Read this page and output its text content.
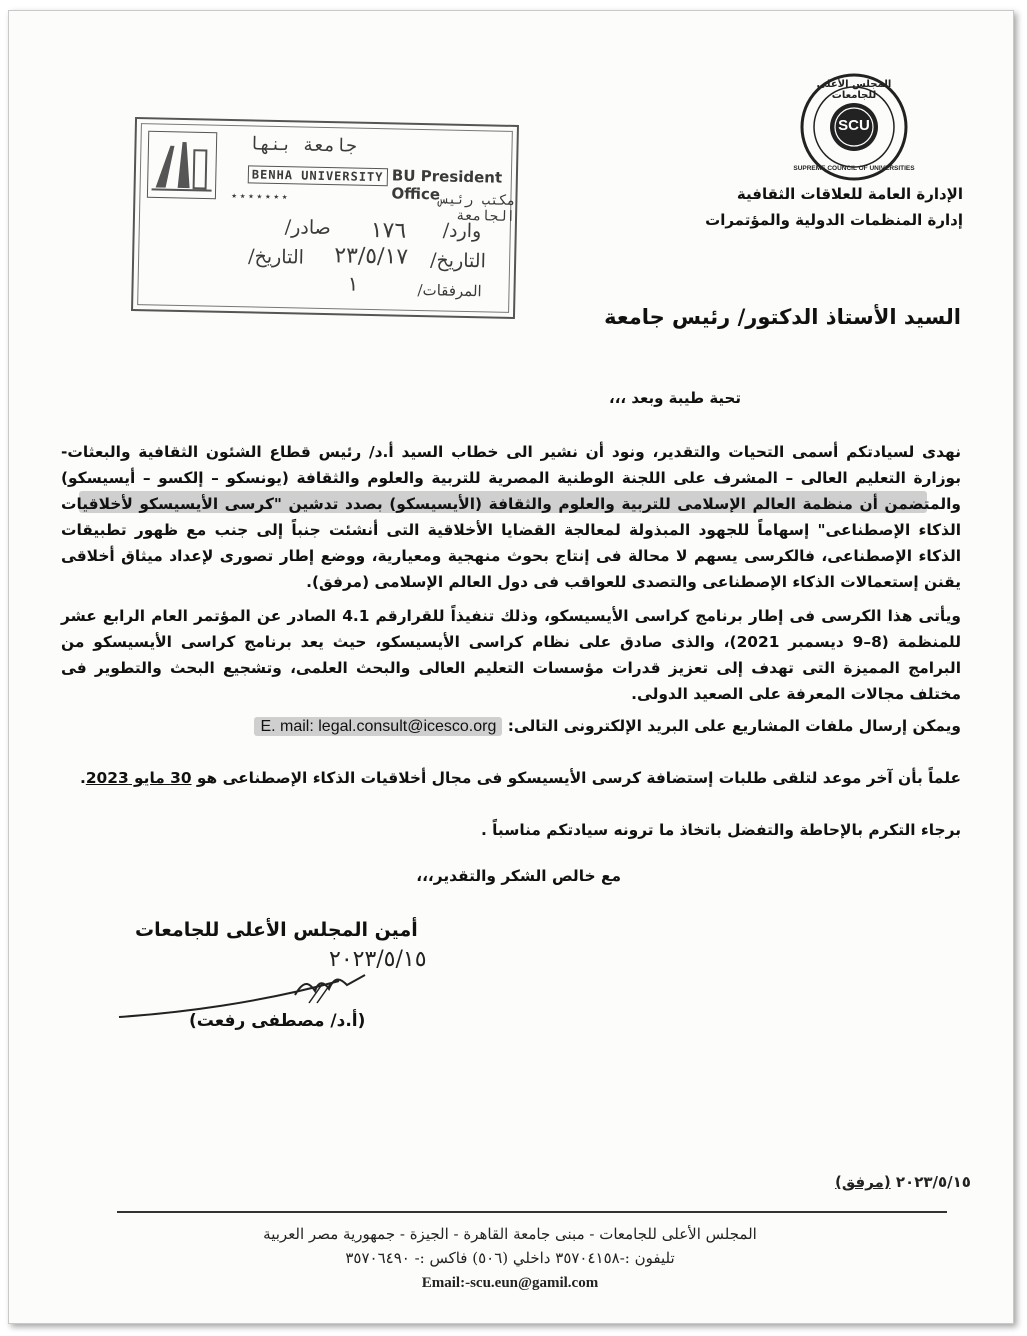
SCU
المجلس الأعلى للجامعات
SUPREME COUNCIL OF UNIVERSITIES
الإدارة العامة للعلاقات الثقافية
إدارة المنظمات الدولية والمؤتمرات
جامعة بنها
BENHA UNIVERSITY
★★★★★★★
BU President Office مكتب رئيس الجامعة
صادر/ ١٧٦ وارد/
التاريخ/ ٢٣/٥/١٧ التاريخ/
١	المرفقات/
السيد الأستاذ الدكتور/ رئيس جامعة
تحية طيبة وبعد ،،،
نهدى لسيادتكم أسمى التحيات والتقدير، ونود أن نشير الى خطاب السيد أ.د/ رئيس قطاع الشئون الثقافية والبعثات- بوزارة التعليم العالى – المشرف على اللجنة الوطنية المصرية للتربية والعلوم والثقافة (يونسكو – إلكسو – أيسيسكو) والمتضمن أن منظمة العالم الإسلامى للتربية والعلوم والثقافة (الأيسيسكو) بصدد تدشين "كرسى الأيسيسكو لأخلاقيات الذكاء الإصطناعى" إسهاماً للجهود المبذولة لمعالجة القضايا الأخلاقية التى أنشئت جنباً إلى جنب مع ظهور تطبيقات الذكاء الإصطناعى، فالكرسى يسهم لا محالة فى إنتاج بحوث منهجية ومعيارية، ووضع إطار تصورى لإعداد ميثاق أخلاقى يقنن إستعمالات الذكاء الإصطناعى والتصدى للعواقب فى دول العالم الإسلامى (مرفق).
ويأتى هذا الكرسى فى إطار برنامج كراسى الأيسيسكو، وذلك تنفيذاً للقرارقم 4.1 الصادر عن المؤتمر العام الرابع عشر للمنظمة (8–9 ديسمبر 2021)، والذى صادق على نظام كراسى الأيسيسكو، حيث يعد برنامج كراسى الأيسيسكو من البرامج المميزة التى تهدف إلى تعزيز قدرات مؤسسات التعليم العالى والبحث العلمى، وتشجيع البحث والتطوير فى مختلف مجالات المعرفة على الصعيد الدولى.
ويمكن إرسال ملفات المشاريع على البريد الإلكترونى التالى: E. mail: legal.consult@icesco.org
علماً بأن آخر موعد لتلقى طلبات إستضافة كرسى الأيسيسكو فى مجال أخلاقيات الذكاء الإصطناعى هو 30 مايو 2023.
برجاء التكرم بالإحاطة والتفضل باتخاذ ما ترونه سيادتكم مناسباً .
مع خالص الشكر والتقدير،،،
أمين المجلس الأعلى للجامعات
٢٠٢٣/٥/١٥
(أ.د/ مصطفى رفعت)
٢٠٢٣/٥/١٥ (مرفق)
المجلس الأعلى للجامعات - مبنى جامعة القاهرة - الجيزة - جمهورية مصر العربية
تليفون :-٣٥٧٠٤١٥٨ داخلي (٥٠٦) فاكس :- ٣٥٧٠٦٤٩٠
Email:-scu.eun@gamil.com
